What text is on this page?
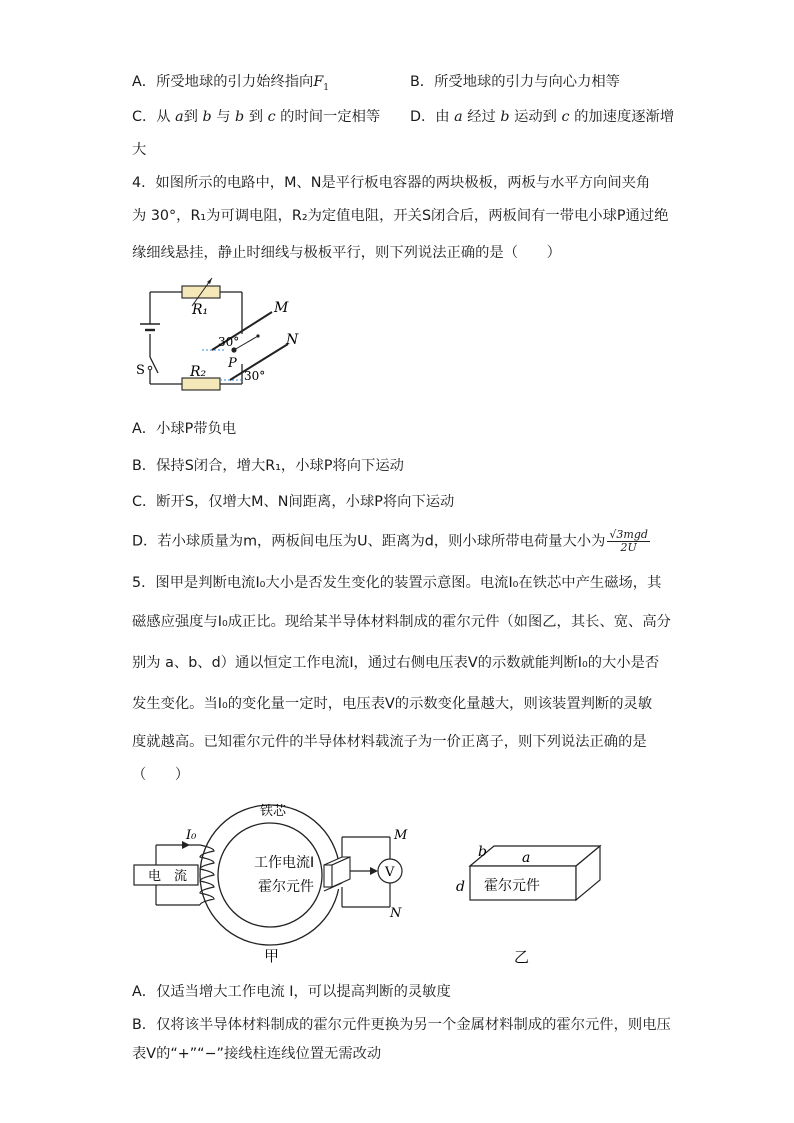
A．所受地球的引力始终指向$F_1$	B．所受地球的引力与向心力相等
C．从 a到 b 与 b 到 c 的时间一定相等 D．由 a 经过 b 运动到 c 的加速度逐渐增
大
4．如图所示的电路中，M、N是平行板电容器的两块极板，两板与水平方向间夹角
为 30°，R₁为可调电阻，R₂为定值电阻，开关S闭合后，两板间有一带电小球P通过绝
缘细线悬挂，静止时细线与极板平行，则下列说法正确的是（　　）
R₁
R₂
M
N
P
S
30°
30°
A．小球P带负电
B．保持S闭合，增大R₁，小球P将向下运动
C．断开S，仅增大M、N间距离，小球P将向下运动
D．若小球质量为m，两板间电压为U、距离为d，则小球所带电荷量大小为 $\frac{\text{√3mgd}}{2U}$
5．图甲是判断电流I₀大小是否发生变化的装置示意图。电流I₀在铁芯中产生磁场，其
磁感应强度与I₀成正比。现给某半导体材料制成的霍尔元件（如图乙，其长、宽、高分
别为 a、b、d）通以恒定工作电流I，通过右侧电压表V的示数就能判断I₀的大小是否
发生变化。当I₀的变化量一定时，电压表V的示数变化量越大，则该装置判断的灵敏
度就越高。已知霍尔元件的半导体材料载流子为一价正离子，则下列说法正确的是
（　　）
电　流
I₀
V
M
N
铁芯
工作电流I
霍尔元件
甲
b	a
d 霍尔元件
乙
A．仅适当增大工作电流 I，可以提高判断的灵敏度
B．仅将该半导体材料制成的霍尔元件更换为另一个金属材料制成的霍尔元件，则电压
表V的“+”“−”接线柱连线位置无需改动
